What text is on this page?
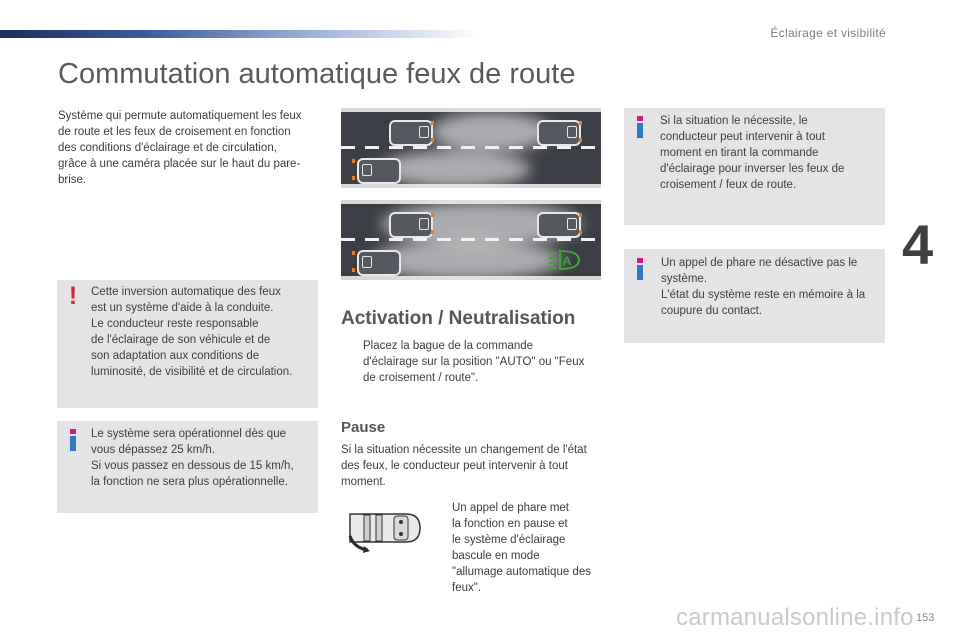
Éclairage et visibilité
4
Commutation automatique feux de route
Système qui permute automatiquement les feux de route et les feux de croisement en fonction des conditions d'éclairage et de circulation, grâce à une caméra placée sur le haut du pare-brise.
!	Cette inversion automatique des feux
est un système d'aide à la conduite.
Le conducteur reste responsable
de l'éclairage de son véhicule et de
son adaptation aux conditions de
luminosité, de visibilité et de circulation.
Le système sera opérationnel dès que
vous dépassez 25 km/h.
Si vous passez en dessous de 15 km/h,
la fonction ne sera plus opérationnelle.
A
Activation / Neutralisation
Placez la bague de la commande
d'éclairage sur la position "AUTO" ou "Feux
de croisement / route".
Pause
Si la situation nécessite un changement de l'état des feux, le conducteur peut intervenir à tout moment.
Un appel de phare met
la fonction en pause et
le système d'éclairage
bascule en mode
"allumage automatique des
feux".
Si la situation le nécessite, le
conducteur peut intervenir à tout
moment en tirant la commande
d'éclairage pour inverser les feux de
croisement / feux de route.
Un appel de phare ne désactive pas le
système.
L'état du système reste en mémoire à la
coupure du contact.
153
carmanualsonline.info
